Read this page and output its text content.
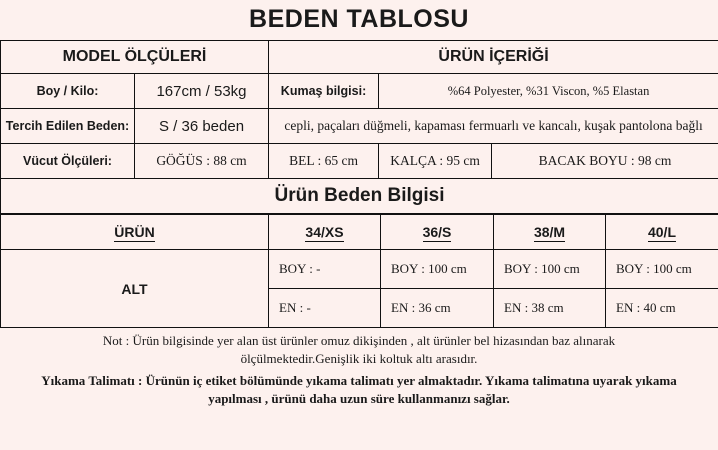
BEDEN TABLOSU
MODEL ÖLÇÜLERİ		ÜRÜN İÇERİĞİ		
Boy / Kilo:	167cm / 53kg	Kumaş bilgisi:	%64 Polyester, %31 Viscon, %5 Elastan	
Tercih Edilen Beden:	S / 36 beden	cepli, paçaları düğmeli, kapaması fermuarlı ve kancalı, kuşak pantolona bağlı		
Vücut Ölçüleri:	GÖĞÜS : 88 cm	BEL : 65 cm	KALÇA : 95 cm	BACAK BOYU : 98 cm
Ürün Beden Bilgisi				
ÜRÜN	34/XS	36/S	38/M	40/L
ALT	BOY : -	BOY : 100 cm	BOY : 100 cm	BOY : 100 cm
	EN : -	EN : 36 cm	EN : 38 cm	EN : 40 cm
Not : Ürün bilgisinde yer alan üst ürünler omuz dikişinden , alt ürünler bel hizasından baz alınarak
ölçülmektedir.Genişlik iki koltuk altı arasıdır.
Yıkama Talimatı : Ürünün iç etiket bölümünde yıkama talimatı yer almaktadır. Yıkama talimatına uyarak yıkama
yapılması , ürünü daha uzun süre kullanmanızı sağlar.
